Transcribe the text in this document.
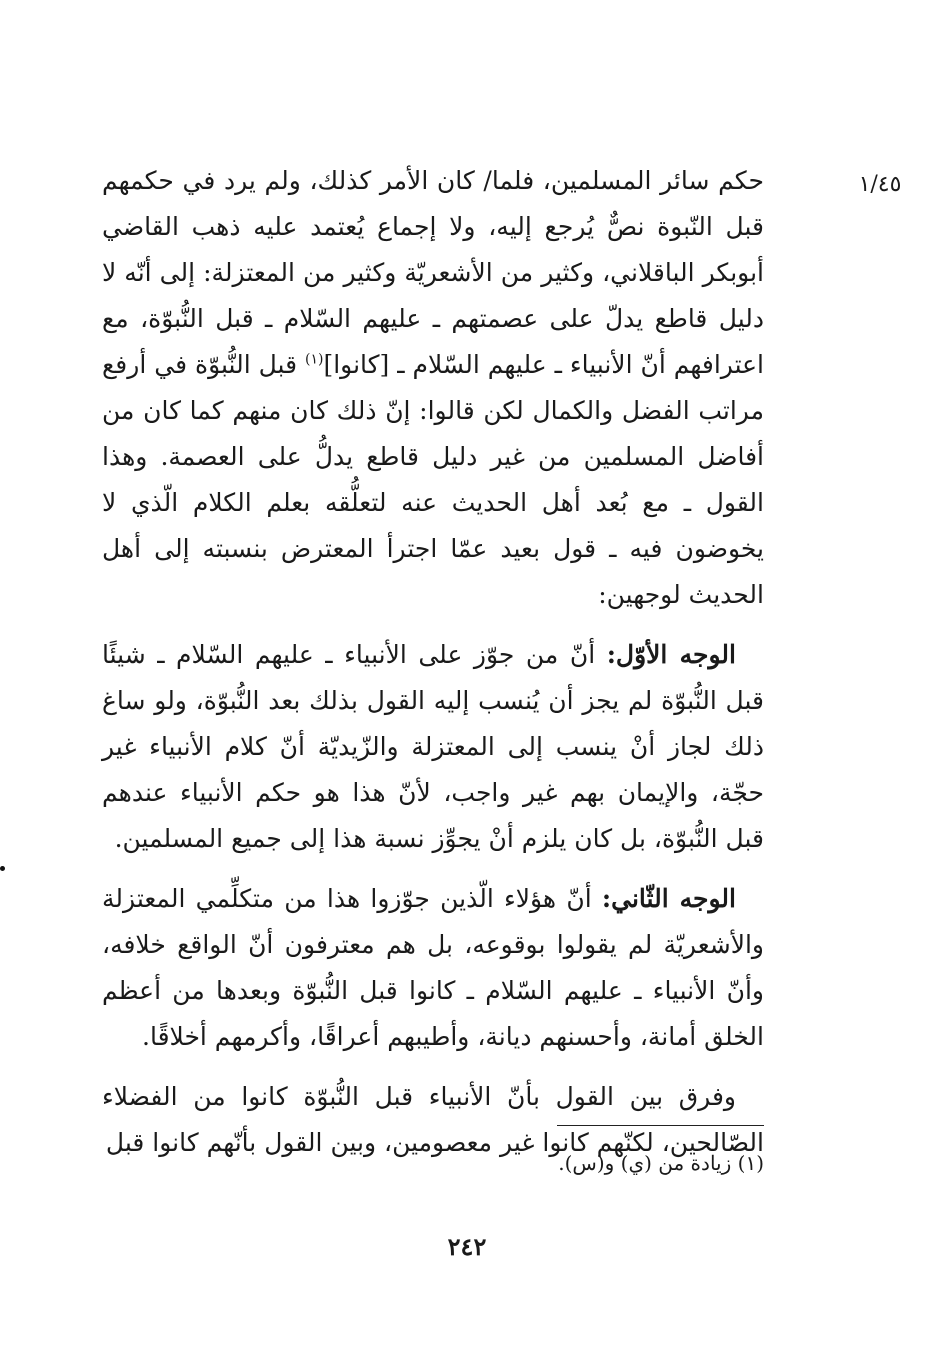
١/٤٥

حكم سائر المسلمين، فلما/ كان الأمر كذلك، ولم يرد في حكمهم قبل النّبوة نصٌّ يُرجع إليه، ولا إجماع يُعتمد عليه ذهب القاضي أبوبكر الباقلاني، وكثير من الأشعريّة وكثير من المعتزلة: إلى أنّه لا دليل قاطع يدلّ على عصمتهم ـ عليهم السّلام ـ قبل النُّبوّة، مع اعترافهم أنّ الأنبياء ـ عليهم السّلام ـ [كانوا]$^{(١)}$ قبل النُّبوّة في أرفع مراتب الفضل والكمال لكن قالوا: إنّ ذلك كان منهم كما كان من أفاضل المسلمين من غير دليل قاطع يدلُّ على العصمة. وهذا القول ـ مع بُعد أهل الحديث عنه لتعلُّقه بعلم الكلام الّذي لا يخوضون فيه ـ قول بعيد عمّا اجترأ المعترض بنسبته إلى أهل الحديث لوجهين:

الوجه الأوّل: أنّ من جوّز على الأنبياء ـ عليهم السّلام ـ شيئًا قبل النُّبوّة لم يجز أن يُنسب إليه القول بذلك بعد النُّبوّة، ولو ساغ ذلك لجاز أنْ ينسب إلى المعتزلة والزّيديّة أنّ كلام الأنبياء غير حجّة، والإيمان بهم غير واجب، لأنّ هذا هو حكم الأنبياء عندهم قبل النُّبوّة، بل كان يلزم أنْ يجوِّز نسبة هذا إلى جميع المسلمين.

الوجه الثّاني: أنّ هؤلاء الّذين جوّزوا هذا من متكلِّمي المعتزلة والأشعريّة لم يقولوا بوقوعه، بل هم معترفون أنّ الواقع خلافه، وأنّ الأنبياء ـ عليهم السّلام ـ كانوا قبل النُّبوّة وبعدها من أعظم الخلق أمانة، وأحسنهم ديانة، وأطيبهم أعراقًا، وأكرمهم أخلاقًا.

وفرق بين القول بأنّ الأنبياء قبل النُّبوّة كانوا من الفضلاء الصّالحين، لكنّهم كانوا غير معصومين، وبين القول بأنّهم كانوا قبل

(١) زيادة من (ي) و(س).
٢٤٢
